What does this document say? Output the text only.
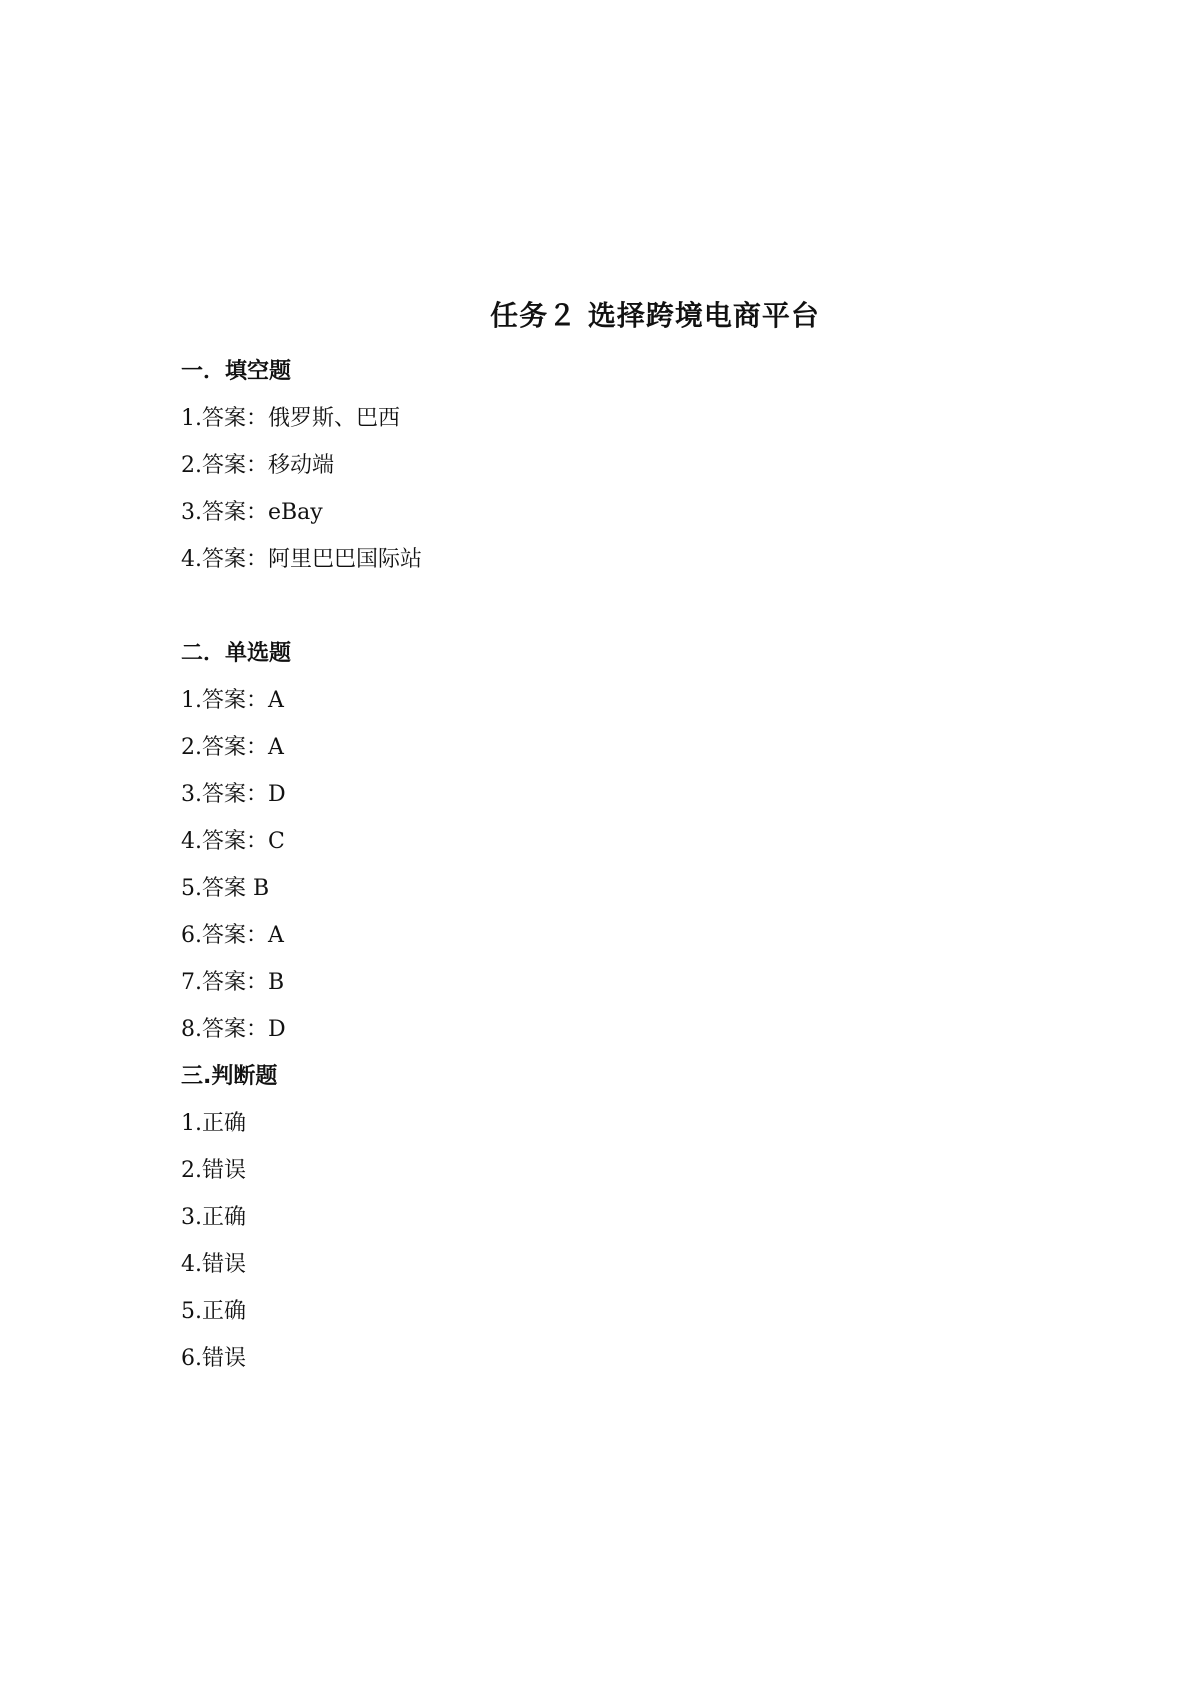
任务２ 选择跨境电商平台
一．填空题
1.答案：俄罗斯、巴西
2.答案：移动端
3.答案：eBay
4.答案：阿里巴巴国际站
二．单选题
1.答案：A
2.答案：A
3.答案：D
4.答案：C
5.答案 B
6.答案：A
7.答案：B
8.答案：D
三.判断题
1.正确
2.错误
3.正确
4.错误
5.正确
6.错误
